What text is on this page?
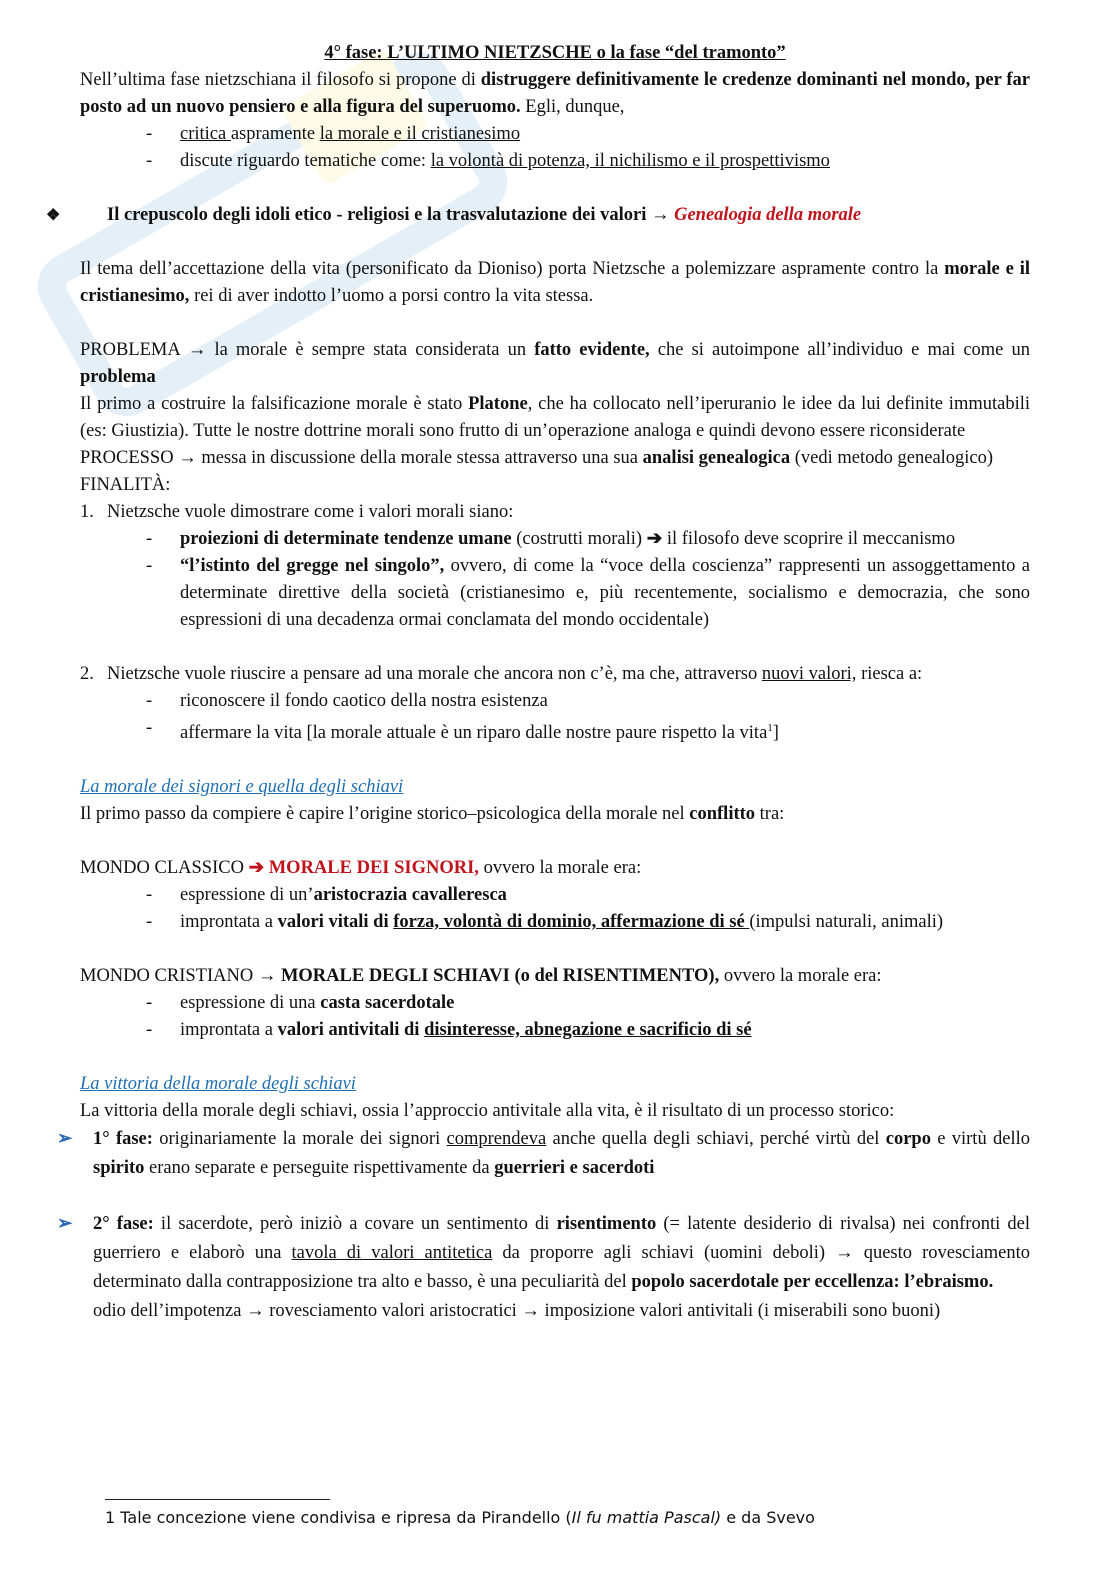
4° fase: L’ULTIMO NIETZSCHE o la fase “del tramonto”
Nell’ultima fase nietzschiana il filosofo si propone di distruggere definitivamente le credenze dominanti nel mondo, per far posto ad un nuovo pensiero e alla figura del superuomo. Egli, dunque,
- critica aspramente la morale e il cristianesimo
- discute riguardo tematiche come: la volontà di potenza, il nichilismo e il prospettivismo
❖	Il crepuscolo degli idoli etico - religiosi e la trasvalutazione dei valori → Genealogia della morale
Il tema dell’accettazione della vita (personificato da Dioniso) porta Nietzsche a polemizzare aspramente contro la morale e il cristianesimo, rei di aver indotto l’uomo a porsi contro la vita stessa.
PROBLEMA → la morale è sempre stata considerata un fatto evidente, che si autoimpone all’individuo e mai come un problema
Il primo a costruire la falsificazione morale è stato Platone, che ha collocato nell’iperuranio le idee da lui definite immutabili (es: Giustizia). Tutte le nostre dottrine morali sono frutto di un’operazione analoga e quindi devono essere riconsiderate
PROCESSO → messa in discussione della morale stessa attraverso una sua analisi genealogica (vedi metodo genealogico)
FINALITÀ:
1. Nietzsche vuole dimostrare come i valori morali siano:
- proiezioni di determinate tendenze umane (costrutti morali) ➔ il filosofo deve scoprire il meccanismo
- “l’istinto del gregge nel singolo”, ovvero, di come la “voce della coscienza” rappresenti un assoggettamento a determinate direttive della società (cristianesimo e, più recentemente, socialismo e democrazia, che sono espressioni di una decadenza ormai conclamata del mondo occidentale)
2. Nietzsche vuole riuscire a pensare ad una morale che ancora non c’è, ma che, attraverso nuovi valori, riesca a:
- riconoscere il fondo caotico della nostra esistenza
- affermare la vita [la morale attuale è un riparo dalle nostre paure rispetto la vita$^1$]
La morale dei signori e quella degli schiavi
Il primo passo da compiere è capire l’origine storico–psicologica della morale nel conflitto tra:
MONDO CLASSICO ➔ MORALE DEI SIGNORI, ovvero la morale era:
- espressione di un’aristocrazia cavalleresca
- improntata a valori vitali di forza, volontà di dominio, affermazione di sé (impulsi naturali, animali)
MONDO CRISTIANO → MORALE DEGLI SCHIAVI (o del RISENTIMENTO), ovvero la morale era:
- espressione di una casta sacerdotale
- improntata a valori antivitali di disinteresse, abnegazione e sacrificio di sé
La vittoria della morale degli schiavi
La vittoria della morale degli schiavi, ossia l’approccio antivitale alla vita, è il risultato di un processo storico:
➢ 1° fase: originariamente la morale dei signori comprendeva anche quella degli schiavi, perché virtù del corpo e virtù dello spirito erano separate e perseguite rispettivamente da guerrieri e sacerdoti
➢ 2° fase: il sacerdote, però iniziò a covare un sentimento di risentimento (= latente desiderio di rivalsa) nei confronti del guerriero e elaborò una tavola di valori antitetica da proporre agli schiavi (uomini deboli) → questo rovesciamento determinato dalla contrapposizione tra alto e basso, è una peculiarità del popolo sacerdotale per eccellenza: l’ebraismo.
odio dell’impotenza → rovesciamento valori aristocratici → imposizione valori antivitali (i miserabili sono buoni)
1 Tale concezione viene condivisa e ripresa da Pirandello (Il fu mattia Pascal) e da Svevo
